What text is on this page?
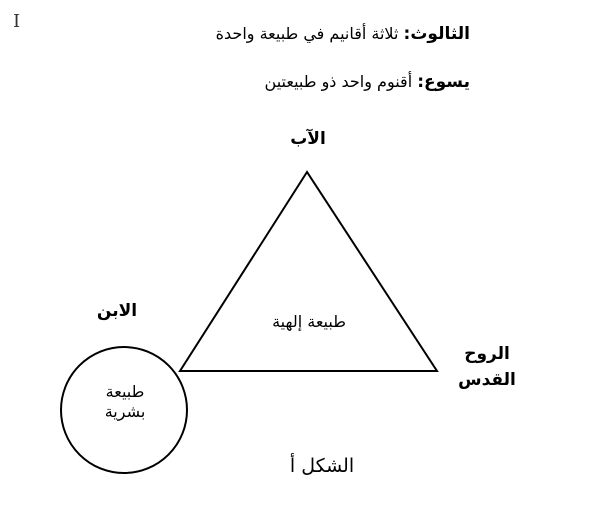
I
الثالوث: ثلاثة أقانيم في طبيعة واحدة
يسوع: أقنوم واحد ذو طبيعتين
الآب
الابن
الروح
القدس
طبيعة إلهية
طبيعة
بشرية
الشكل أ
